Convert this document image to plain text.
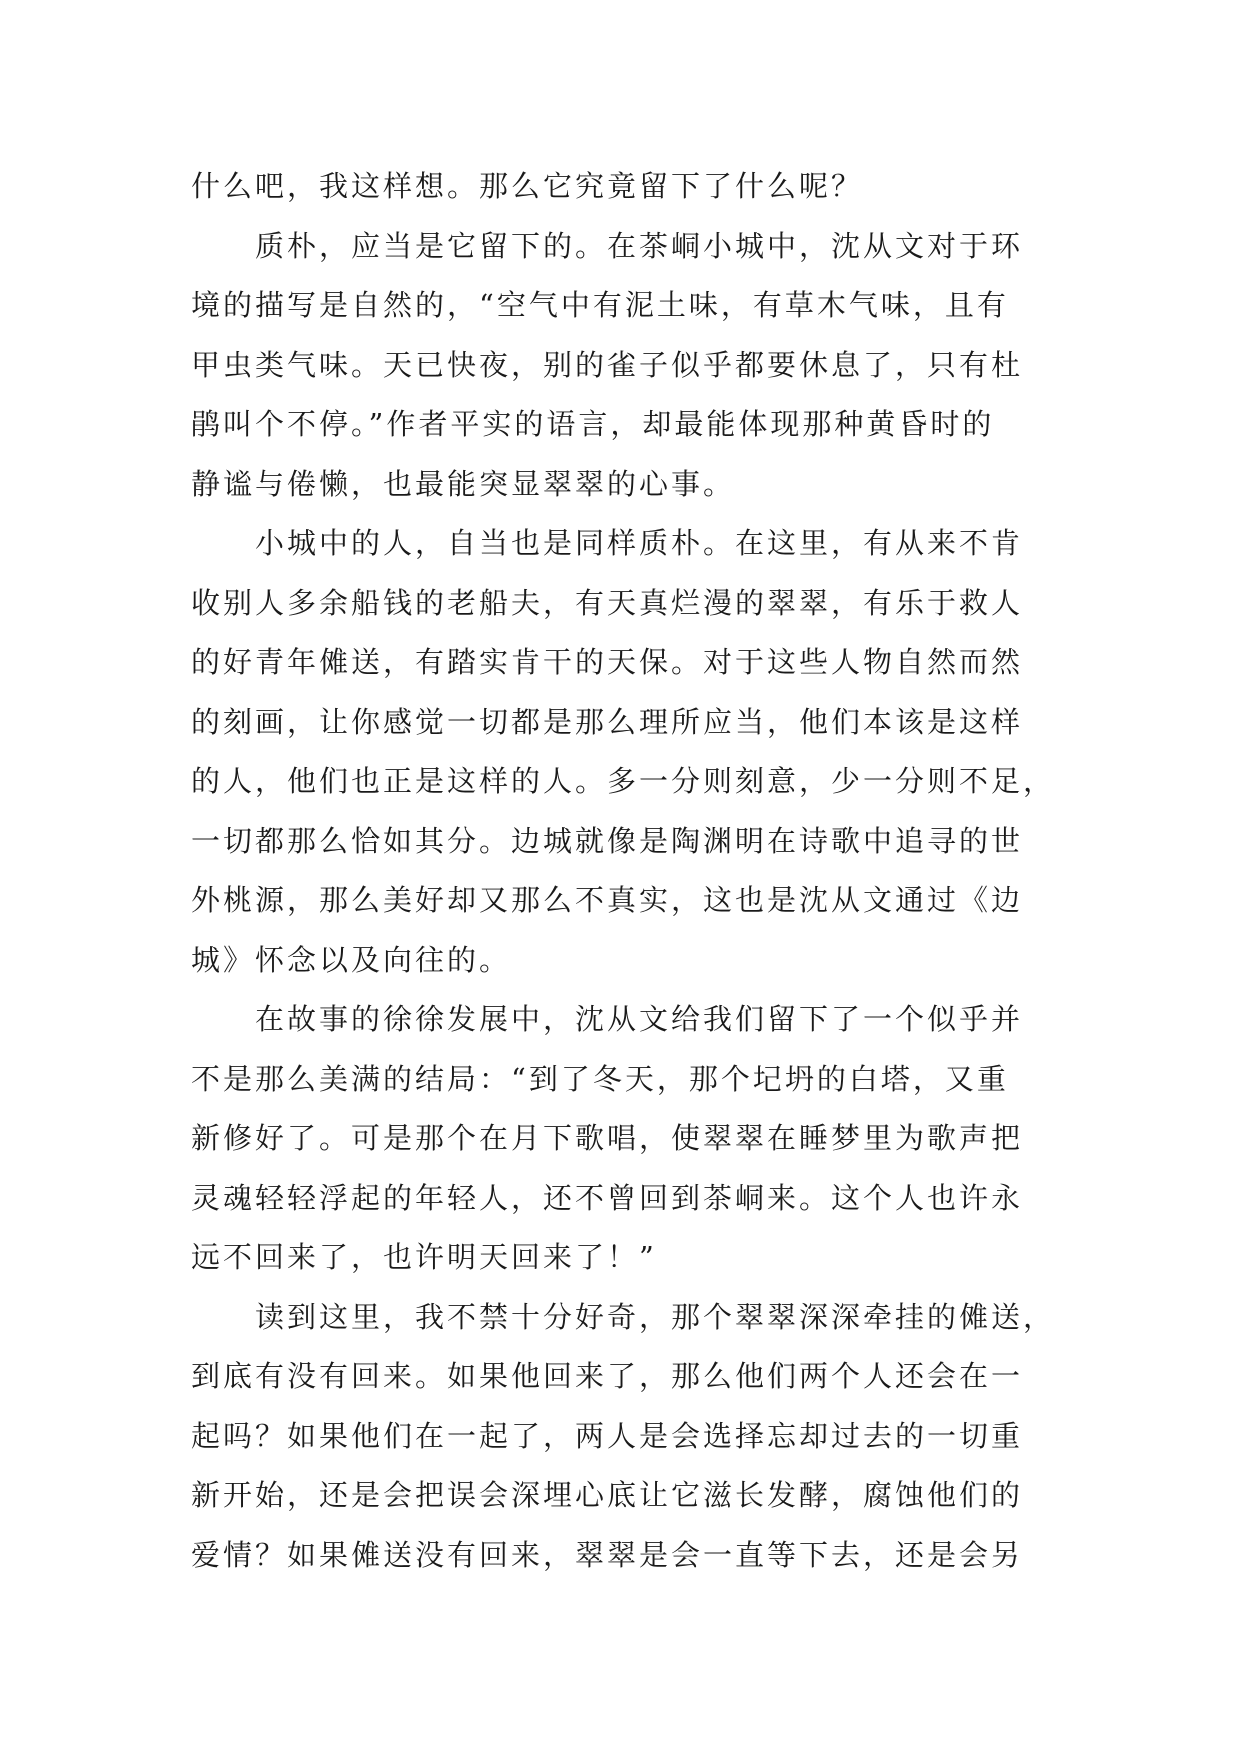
什么吧，我这样想。那么它究竟留下了什么呢？
质朴，应当是它留下的。在茶峒小城中，沈从文对于环
境的描写是自然的，“空气中有泥土味，有草木气味，且有
甲虫类气味。天已快夜，别的雀子似乎都要休息了，只有杜
鹃叫个不停。”作者平实的语言，却最能体现那种黄昏时的
静谧与倦懒，也最能突显翠翠的心事。
小城中的人，自当也是同样质朴。在这里，有从来不肯
收别人多余船钱的老船夫，有天真烂漫的翠翠，有乐于救人
的好青年傩送，有踏实肯干的天保。对于这些人物自然而然
的刻画，让你感觉一切都是那么理所应当，他们本该是这样
的人，他们也正是这样的人。多一分则刻意，少一分则不足，
一切都那么恰如其分。边城就像是陶渊明在诗歌中追寻的世
外桃源，那么美好却又那么不真实，这也是沈从文通过《边
城》怀念以及向往的。
在故事的徐徐发展中，沈从文给我们留下了一个似乎并
不是那么美满的结局：“到了冬天，那个圮坍的白塔，又重
新修好了。可是那个在月下歌唱，使翠翠在睡梦里为歌声把
灵魂轻轻浮起的年轻人，还不曾回到茶峒来。这个人也许永
远不回来了，也许明天回来了！”
读到这里，我不禁十分好奇，那个翠翠深深牵挂的傩送，
到底有没有回来。如果他回来了，那么他们两个人还会在一
起吗？如果他们在一起了，两人是会选择忘却过去的一切重
新开始，还是会把误会深埋心底让它滋长发酵，腐蚀他们的
爱情？如果傩送没有回来，翠翠是会一直等下去，还是会另
